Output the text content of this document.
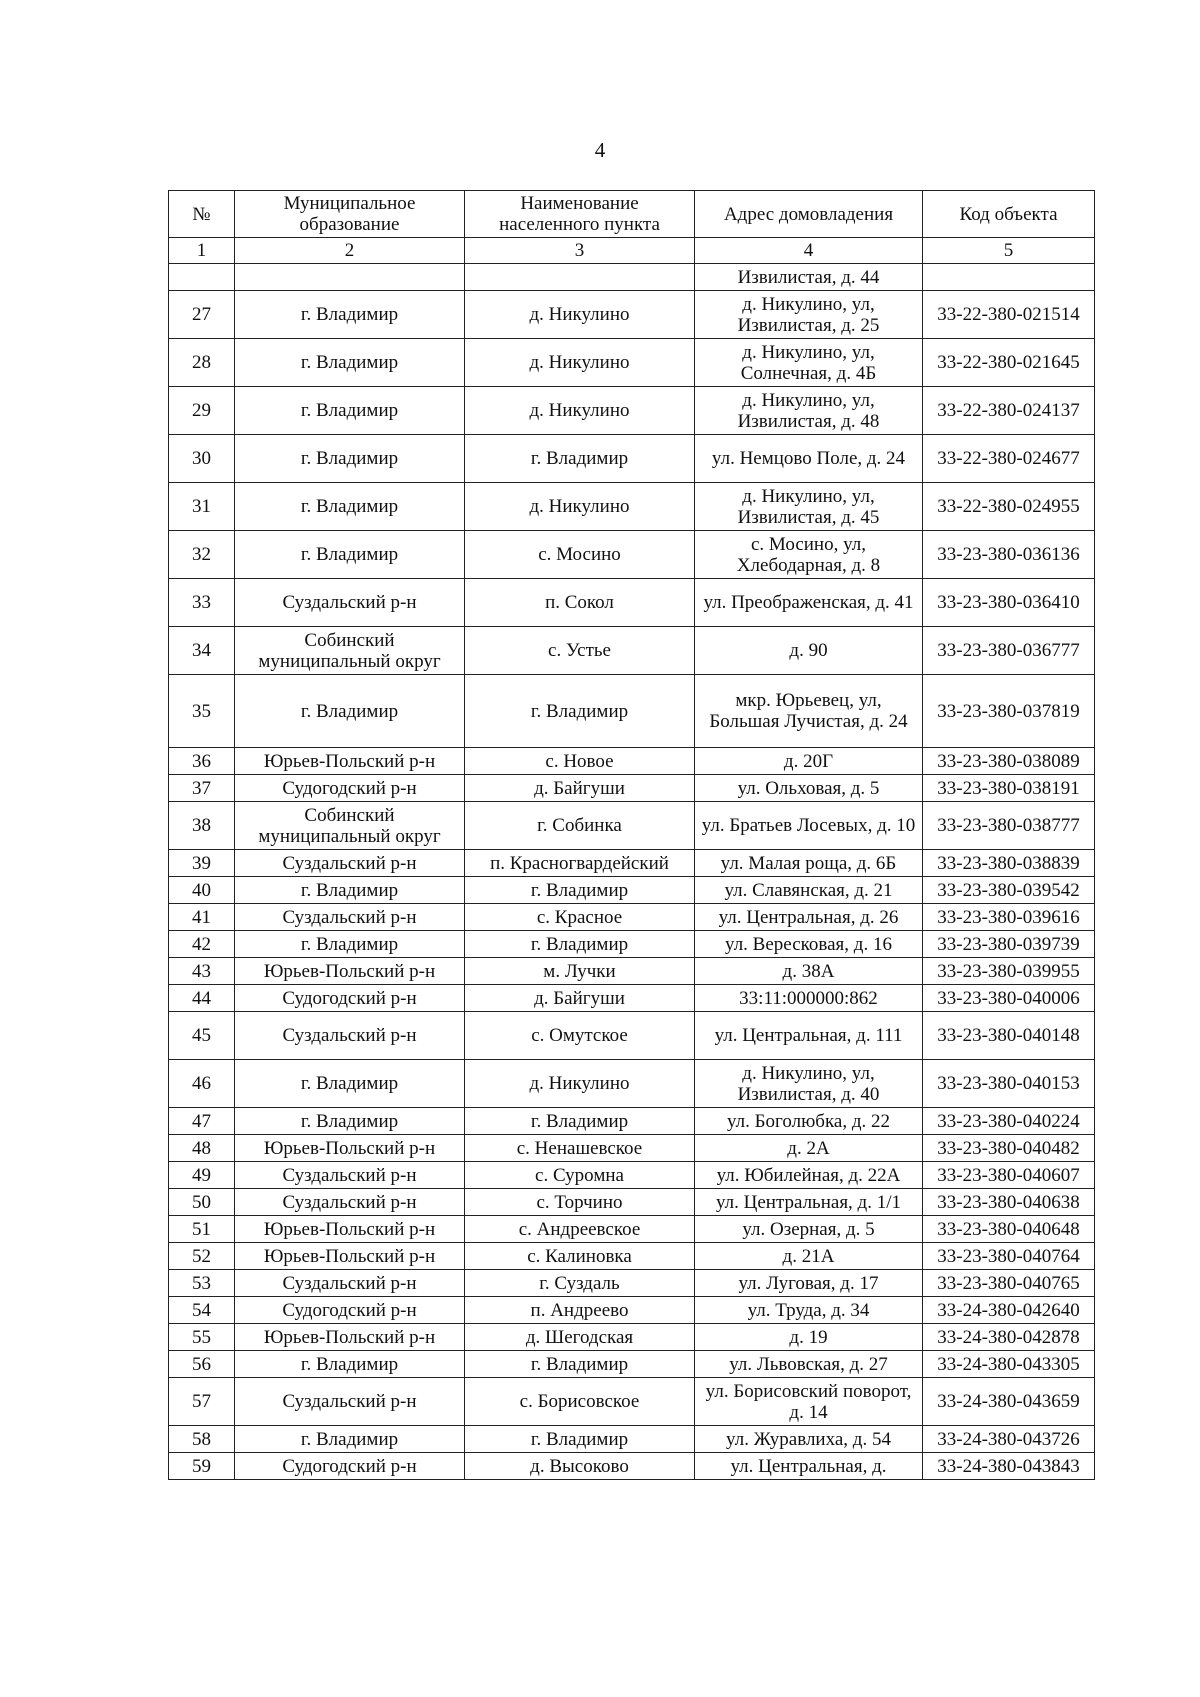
4
№	Муниципальное образование	Наименование населенного пункта	Адрес домовладения	Код объекта
1	2	3	4	5
			Извилистая, д. 44	
27	г. Владимир	д. Никулино	д. Никулино, ул, Извилистая, д. 25	33-22-380-021514
28	г. Владимир	д. Никулино	д. Никулино, ул, Солнечная, д. 4Б	33-22-380-021645
29	г. Владимир	д. Никулино	д. Никулино, ул, Извилистая, д. 48	33-22-380-024137
30	г. Владимир	г. Владимир	ул. Немцово Поле, д. 24	33-22-380-024677
31	г. Владимир	д. Никулино	д. Никулино, ул, Извилистая, д. 45	33-22-380-024955
32	г. Владимир	с. Мосино	с. Мосино, ул, Хлебодарная, д. 8	33-23-380-036136
33	Суздальский р-н	п. Сокол	ул. Преображенская, д. 41	33-23-380-036410
34	Собинский муниципальный округ	с. Устье	д. 90	33-23-380-036777
35	г. Владимир	г. Владимир	мкр. Юрьевец, ул, Большая Лучистая, д. 24	33-23-380-037819
36	Юрьев-Польский р-н	с. Новое	д. 20Г	33-23-380-038089
37	Судогодский р-н	д. Байгуши	ул. Ольховая, д. 5	33-23-380-038191
38	Собинский муниципальный округ	г. Собинка	ул. Братьев Лосевых, д. 10	33-23-380-038777
39	Суздальский р-н	п. Красногвардейский	ул. Малая роща, д. 6Б	33-23-380-038839
40	г. Владимир	г. Владимир	ул. Славянская, д. 21	33-23-380-039542
41	Суздальский р-н	с. Красное	ул. Центральная, д. 26	33-23-380-039616
42	г. Владимир	г. Владимир	ул. Вересковая, д. 16	33-23-380-039739
43	Юрьев-Польский р-н	м. Лучки	д. 38А	33-23-380-039955
44	Судогодский р-н	д. Байгуши	33:11:000000:862	33-23-380-040006
45	Суздальский р-н	с. Омутское	ул. Центральная, д. 111	33-23-380-040148
46	г. Владимир	д. Никулино	д. Никулино, ул, Извилистая, д. 40	33-23-380-040153
47	г. Владимир	г. Владимир	ул. Боголюбка, д. 22	33-23-380-040224
48	Юрьев-Польский р-н	с. Ненашевское	д. 2А	33-23-380-040482
49	Суздальский р-н	с. Суромна	ул. Юбилейная, д. 22А	33-23-380-040607
50	Суздальский р-н	с. Торчино	ул. Центральная, д. 1/1	33-23-380-040638
51	Юрьев-Польский р-н	с. Андреевское	ул. Озерная, д. 5	33-23-380-040648
52	Юрьев-Польский р-н	с. Калиновка	д. 21А	33-23-380-040764
53	Суздальский р-н	г. Суздаль	ул. Луговая, д. 17	33-23-380-040765
54	Судогодский р-н	п. Андреево	ул. Труда, д. 34	33-24-380-042640
55	Юрьев-Польский р-н	д. Шегодская	д. 19	33-24-380-042878
56	г. Владимир	г. Владимир	ул. Львовская, д. 27	33-24-380-043305
57	Суздальский р-н	с. Борисовское	ул. Борисовский поворот, д. 14	33-24-380-043659
58	г. Владимир	г. Владимир	ул. Журавлиха, д. 54	33-24-380-043726
59	Судогодский р-н	д. Высоково	ул. Центральная, д.	33-24-380-043843
